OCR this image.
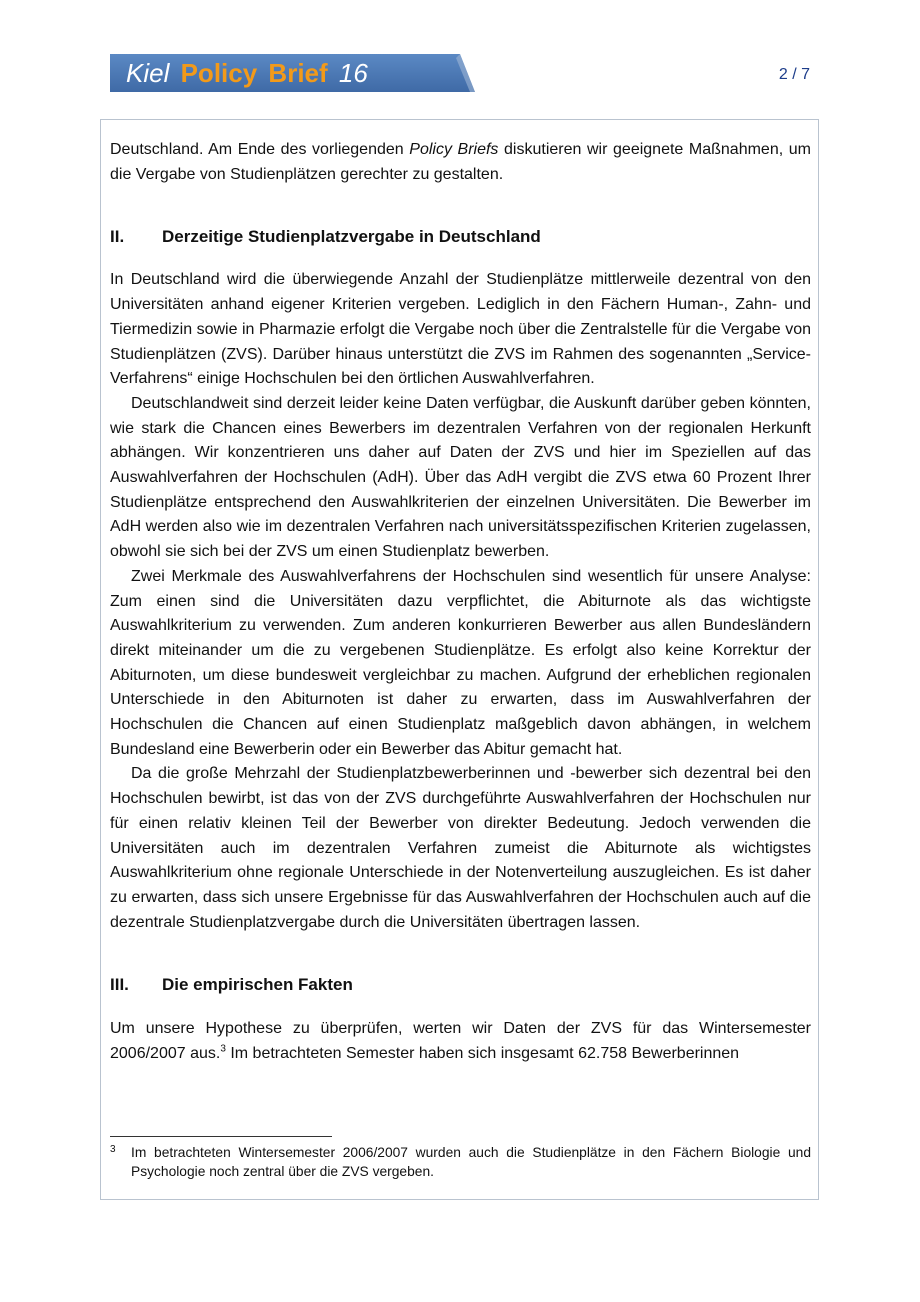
Kiel Policy Brief 16	2 / 7

Deutschland. Am Ende des vorliegenden Policy Briefs diskutieren wir geeignete Maßnahmen, um die Vergabe von Studienplätzen gerechter zu gestalten.

II.	Derzeitige Studienplatzvergabe in Deutschland

In Deutschland wird die überwiegende Anzahl der Studienplätze mittlerweile dezentral von den Universitäten anhand eigener Kriterien vergeben. Lediglich in den Fächern Human-, Zahn- und Tiermedizin sowie in Pharmazie erfolgt die Vergabe noch über die Zentralstelle für die Vergabe von Studienplätzen (ZVS). Darüber hinaus unterstützt die ZVS im Rahmen des sogenannten „Service-Verfahrens“ einige Hochschulen bei den örtlichen Auswahlverfahren.

Deutschlandweit sind derzeit leider keine Daten verfügbar, die Auskunft darüber geben könnten, wie stark die Chancen eines Bewerbers im dezentralen Verfahren von der regionalen Herkunft abhängen. Wir konzentrieren uns daher auf Daten der ZVS und hier im Speziellen auf das Auswahlverfahren der Hochschulen (AdH). Über das AdH vergibt die ZVS etwa 60 Prozent Ihrer Studienplätze entsprechend den Auswahlkriterien der einzelnen Universitäten. Die Bewerber im AdH werden also wie im dezentralen Verfahren nach universitätsspezifischen Kriterien zugelassen, obwohl sie sich bei der ZVS um einen Studienplatz bewerben.

Zwei Merkmale des Auswahlverfahrens der Hochschulen sind wesentlich für unsere Analyse: Zum einen sind die Universitäten dazu verpflichtet, die Abiturnote als das wichtigste Auswahlkriterium zu verwenden. Zum anderen konkurrieren Bewerber aus allen Bundesländern direkt miteinander um die zu vergebenen Studienplätze. Es erfolgt also keine Korrektur der Abiturnoten, um diese bundesweit vergleichbar zu machen. Aufgrund der erheblichen regionalen Unterschiede in den Abiturnoten ist daher zu erwarten, dass im Auswahlverfahren der Hochschulen die Chancen auf einen Studienplatz maßgeblich davon abhängen, in welchem Bundesland eine Bewerberin oder ein Bewerber das Abitur gemacht hat.

Da die große Mehrzahl der Studienplatzbewerberinnen und -bewerber sich dezentral bei den Hochschulen bewirbt, ist das von der ZVS durchgeführte Auswahlverfahren der Hochschulen nur für einen relativ kleinen Teil der Bewerber von direkter Bedeutung. Jedoch verwenden die Universitäten auch im dezentralen Verfahren zumeist die Abiturnote als wichtigstes Auswahlkriterium ohne regionale Unterschiede in der Notenverteilung auszugleichen. Es ist daher zu erwarten, dass sich unsere Ergebnisse für das Auswahlverfahren der Hochschulen auch auf die dezentrale Studienplatzvergabe durch die Universitäten übertragen lassen.

III.	Die empirischen Fakten

Um unsere Hypothese zu überprüfen, werten wir Daten der ZVS für das Wintersemester 2006/2007 aus.$^3$ Im betrachteten Semester haben sich insgesamt 62.758 Bewerberinnen

3	Im betrachteten Wintersemester 2006/2007 wurden auch die Studienplätze in den Fächern Biologie und Psychologie noch zentral über die ZVS vergeben.
